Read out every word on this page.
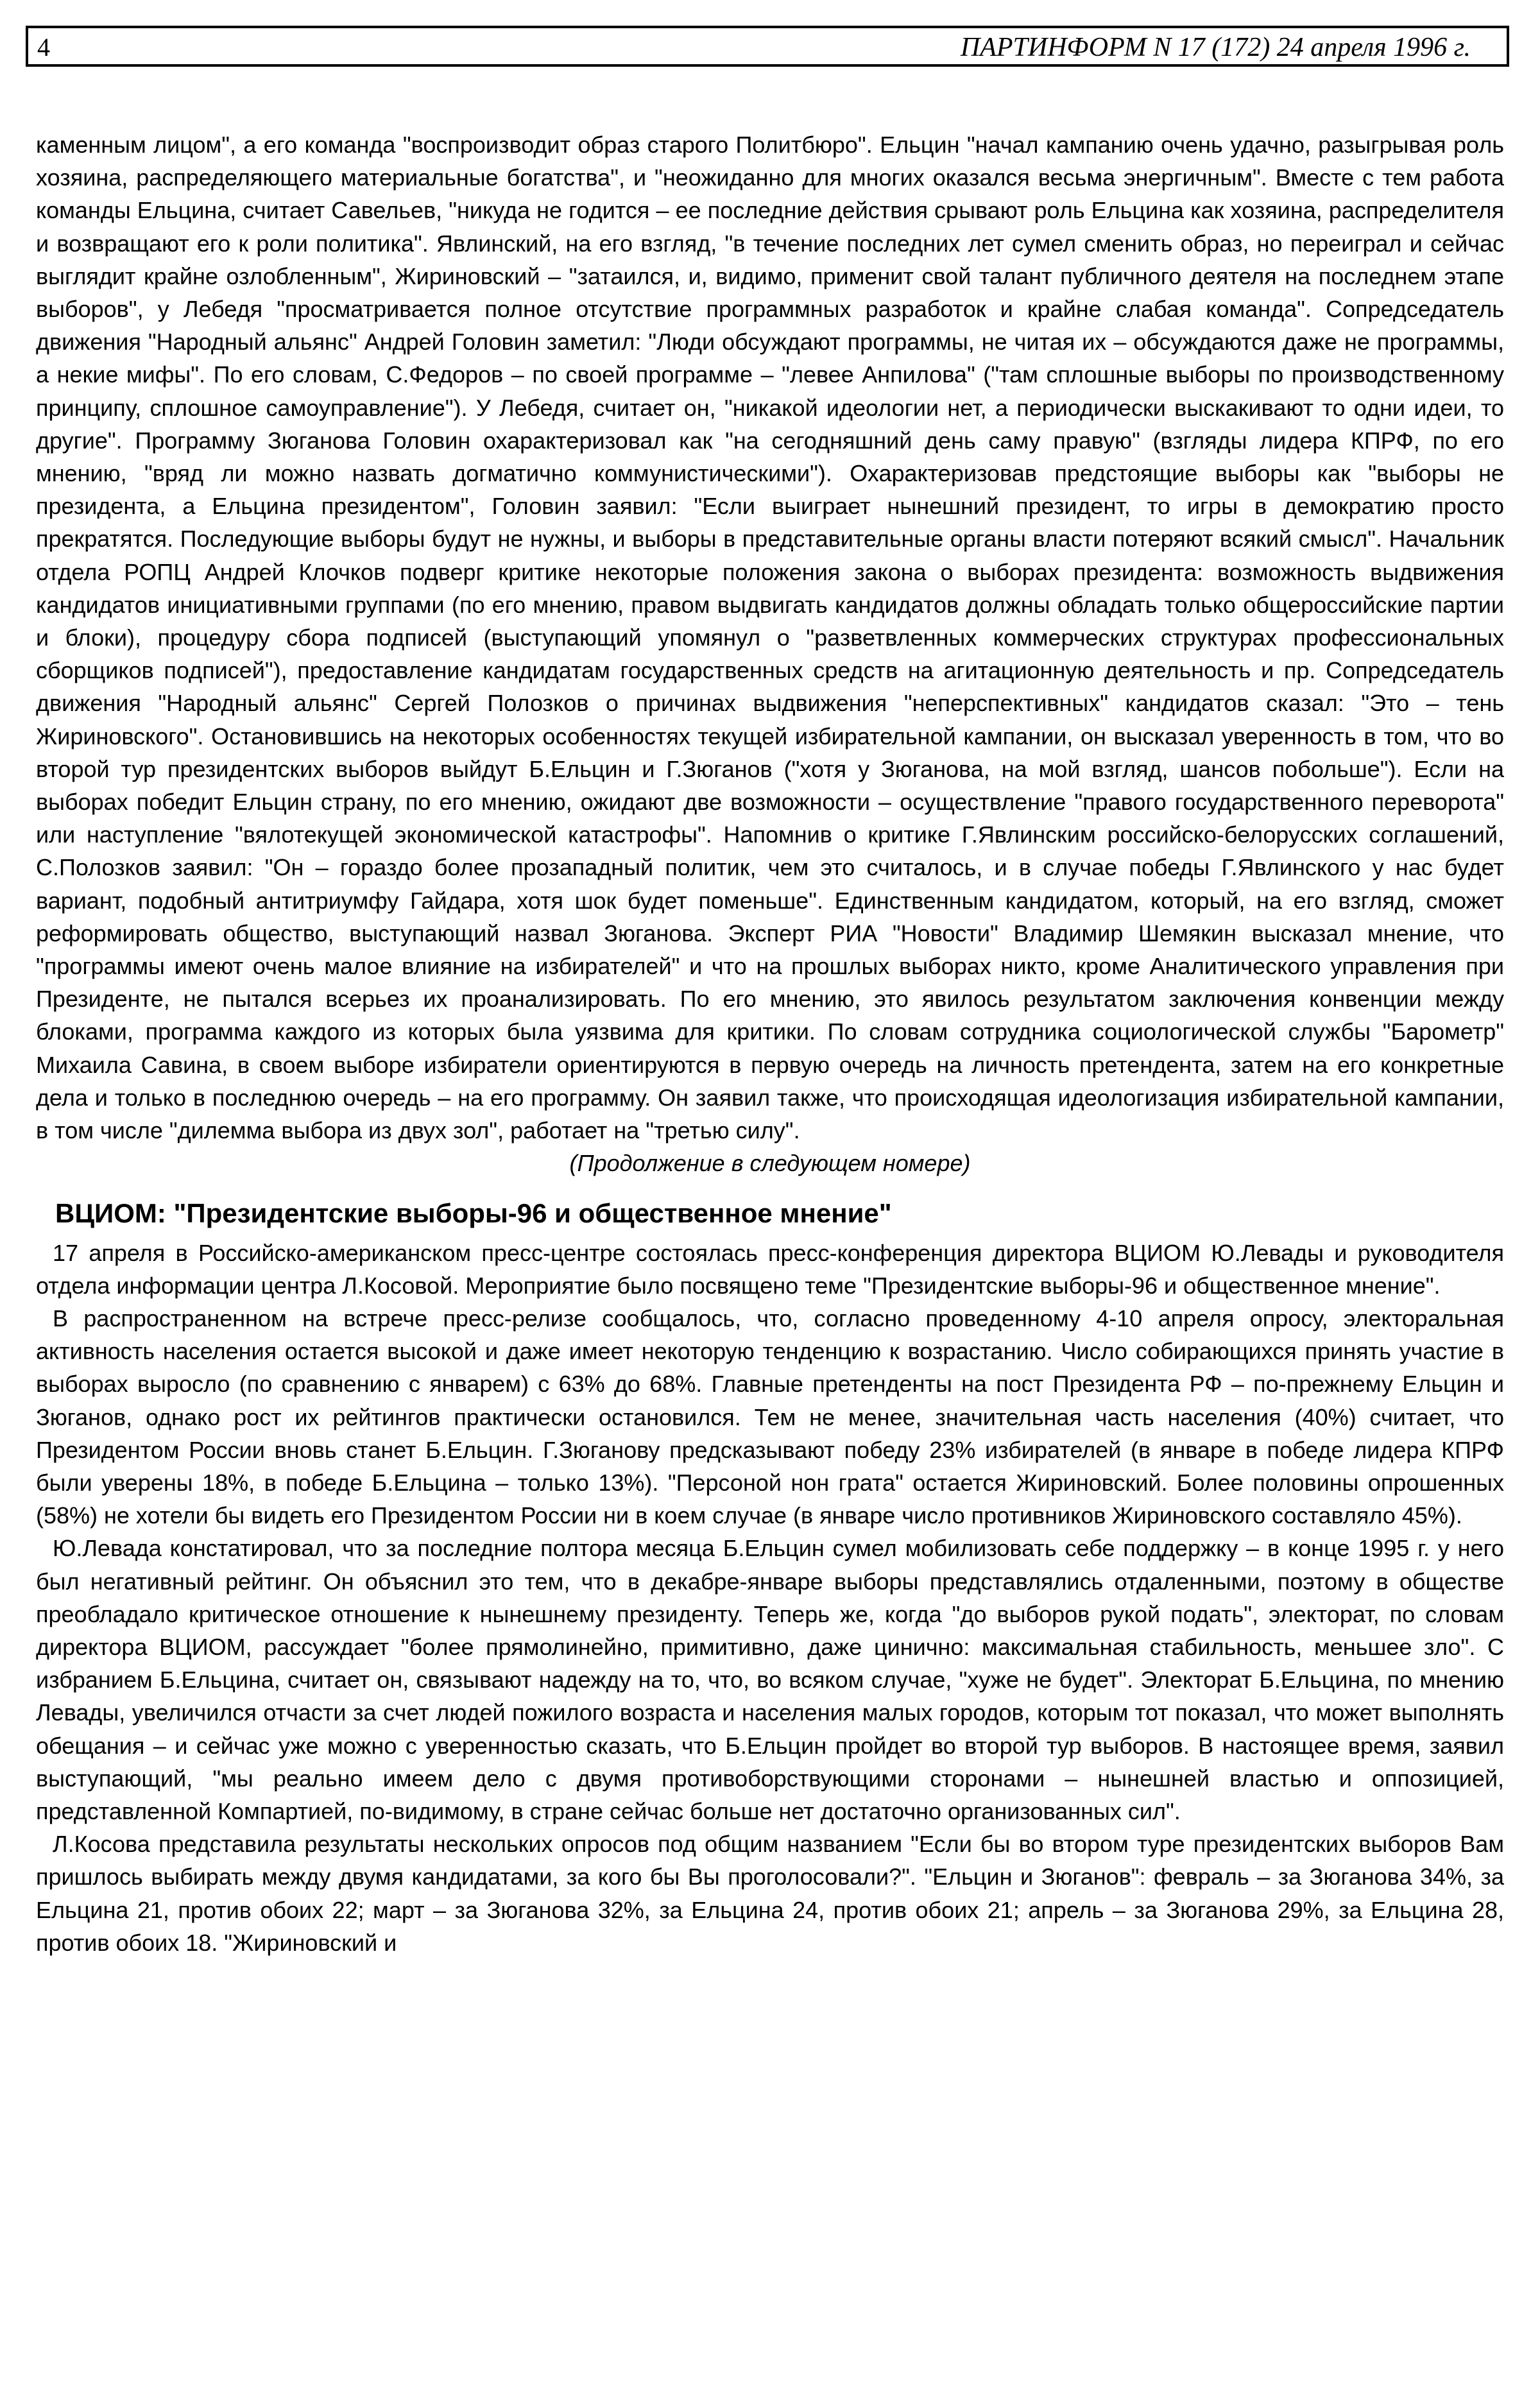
4	ПАРТИНФОРМ N 17 (172) 24 апреля 1996 г.

каменным лицом", а его команда "воспроизводит образ старого Политбюро". Ельцин "начал кампанию очень удачно, разыгрывая роль хозяина, распределяющего материальные богатства", и "неожиданно для многих оказался весьма энергичным". Вместе с тем работа команды Ельцина, считает Савельев, "никуда не годится – ее последние действия срывают роль Ельцина как хозяина, распределителя и возвращают его к роли политика". Явлинский, на его взгляд, "в течение последних лет сумел сменить образ, но переиграл и сейчас выглядит крайне озлобленным", Жириновский – "затаился, и, видимо, применит свой талант публичного деятеля на последнем этапе выборов", у Лебедя "просматривается полное отсутствие программных разработок и крайне слабая команда". Сопредседатель движения "Народный альянс" Андрей Головин заметил: "Люди обсуждают программы, не читая их – обсуждаются даже не программы, а некие мифы". По его словам, С.Федоров – по своей программе – "левее Анпилова" ("там сплошные выборы по производственному принципу, сплошное самоуправление"). У Лебедя, считает он, "никакой идеологии нет, а периодически выскакивают то одни идеи, то другие". Программу Зюганова Головин охарактеризовал как "на сегодняшний день саму правую" (взгляды лидера КПРФ, по его мнению, "вряд ли можно назвать догматично коммунистическими"). Охарактеризовав предстоящие выборы как "выборы не президента, а Ельцина президентом", Головин заявил: "Если выиграет нынешний президент, то игры в демократию просто прекратятся. Последующие выборы будут не нужны, и выборы в представительные органы власти потеряют всякий смысл". Начальник отдела РОПЦ Андрей Клочков подверг критике некоторые положения закона о выборах президента: возможность выдвижения кандидатов инициативными группами (по его мнению, правом выдвигать кандидатов должны обладать только общероссийские партии и блоки), процедуру сбора подписей (выступающий упомянул о "разветвленных коммерческих структурах профессиональных сборщиков подписей"), предоставление кандидатам государственных средств на агитационную деятельность и пр. Сопредседатель движения "Народный альянс" Сергей Полозков о причинах выдвижения "неперспективных" кандидатов сказал: "Это – тень Жириновского". Остановившись на некоторых особенностях текущей избирательной кампании, он высказал уверенность в том, что во второй тур президентских выборов выйдут Б.Ельцин и Г.Зюганов ("хотя у Зюганова, на мой взгляд, шансов побольше"). Если на выборах победит Ельцин страну, по его мнению, ожидают две возможности – осуществление "правого государственного переворота" или наступление "вялотекущей экономической катастрофы". Напомнив о критике Г.Явлинским российско-белорусских соглашений, С.Полозков заявил: "Он – гораздо более прозападный политик, чем это считалось, и в случае победы Г.Явлинского у нас будет вариант, подобный антитриумфу Гайдара, хотя шок будет поменьше". Единственным кандидатом, который, на его взгляд, сможет реформировать общество, выступающий назвал Зюганова. Эксперт РИА "Новости" Владимир Шемякин высказал мнение, что "программы имеют очень малое влияние на избирателей" и что на прошлых выборах никто, кроме Аналитического управления при Президенте, не пытался всерьез их проанализировать. По его мнению, это явилось результатом заключения конвенции между блоками, программа каждого из которых была уязвима для критики. По словам сотрудника социологической службы "Барометр" Михаила Савина, в своем выборе избиратели ориентируются в первую очередь на личность претендента, затем на его конкретные дела и только в последнюю очередь – на его программу. Он заявил также, что происходящая идеологизация избирательной кампании, в том числе "дилемма выбора из двух зол", работает на "третью силу".

(Продолжение в следующем номере)

ВЦИОМ: "Президентские выборы-96 и общественное мнение"

17 апреля в Российско-американском пресс-центре состоялась пресс-конференция директора ВЦИОМ Ю.Левады и руководителя отдела информации центра Л.Косовой. Мероприятие было посвящено теме "Президентские выборы-96 и общественное мнение".

В распространенном на встрече пресс-релизе сообщалось, что, согласно проведенному 4-10 апреля опросу, электоральная активность населения остается высокой и даже имеет некоторую тенденцию к возрастанию. Число собирающихся принять участие в выборах выросло (по сравнению с январем) с 63% до 68%. Главные претенденты на пост Президента РФ – по-прежнему Ельцин и Зюганов, однако рост их рейтингов практически остановился. Тем не менее, значительная часть населения (40%) считает, что Президентом России вновь станет Б.Ельцин. Г.Зюганову предсказывают победу 23% избирателей (в январе в победе лидера КПРФ были уверены 18%, в победе Б.Ельцина – только 13%). "Персоной нон грата" остается Жириновский. Более половины опрошенных (58%) не хотели бы видеть его Президентом России ни в коем случае (в январе число противников Жириновского составляло 45%).

Ю.Левада констатировал, что за последние полтора месяца Б.Ельцин сумел мобилизовать себе поддержку – в конце 1995 г. у него был негативный рейтинг. Он объяснил это тем, что в декабре-январе выборы представлялись отдаленными, поэтому в обществе преобладало критическое отношение к нынешнему президенту. Теперь же, когда "до выборов рукой подать", электорат, по словам директора ВЦИОМ, рассуждает "более прямолинейно, примитивно, даже цинично: максимальная стабильность, меньшее зло". С избранием Б.Ельцина, считает он, связывают надежду на то, что, во всяком случае, "хуже не будет". Электорат Б.Ельцина, по мнению Левады, увеличился отчасти за счет людей пожилого возраста и населения малых городов, которым тот показал, что может выполнять обещания – и сейчас уже можно с уверенностью сказать, что Б.Ельцин пройдет во второй тур выборов. В настоящее время, заявил выступающий, "мы реально имеем дело с двумя противоборствующими сторонами – нынешней властью и оппозицией, представленной Компартией, по-видимому, в стране сейчас больше нет достаточно организованных сил".

Л.Косова представила результаты нескольких опросов под общим названием "Если бы во втором туре президентских выборов Вам пришлось выбирать между двумя кандидатами, за кого бы Вы проголосовали?". "Ельцин и Зюганов": февраль – за Зюганова 34%, за Ельцина 21, против обоих 22; март – за Зюганова 32%, за Ельцина 24, против обоих 21; апрель – за Зюганова 29%, за Ельцина 28, против обоих 18. "Жириновский и
